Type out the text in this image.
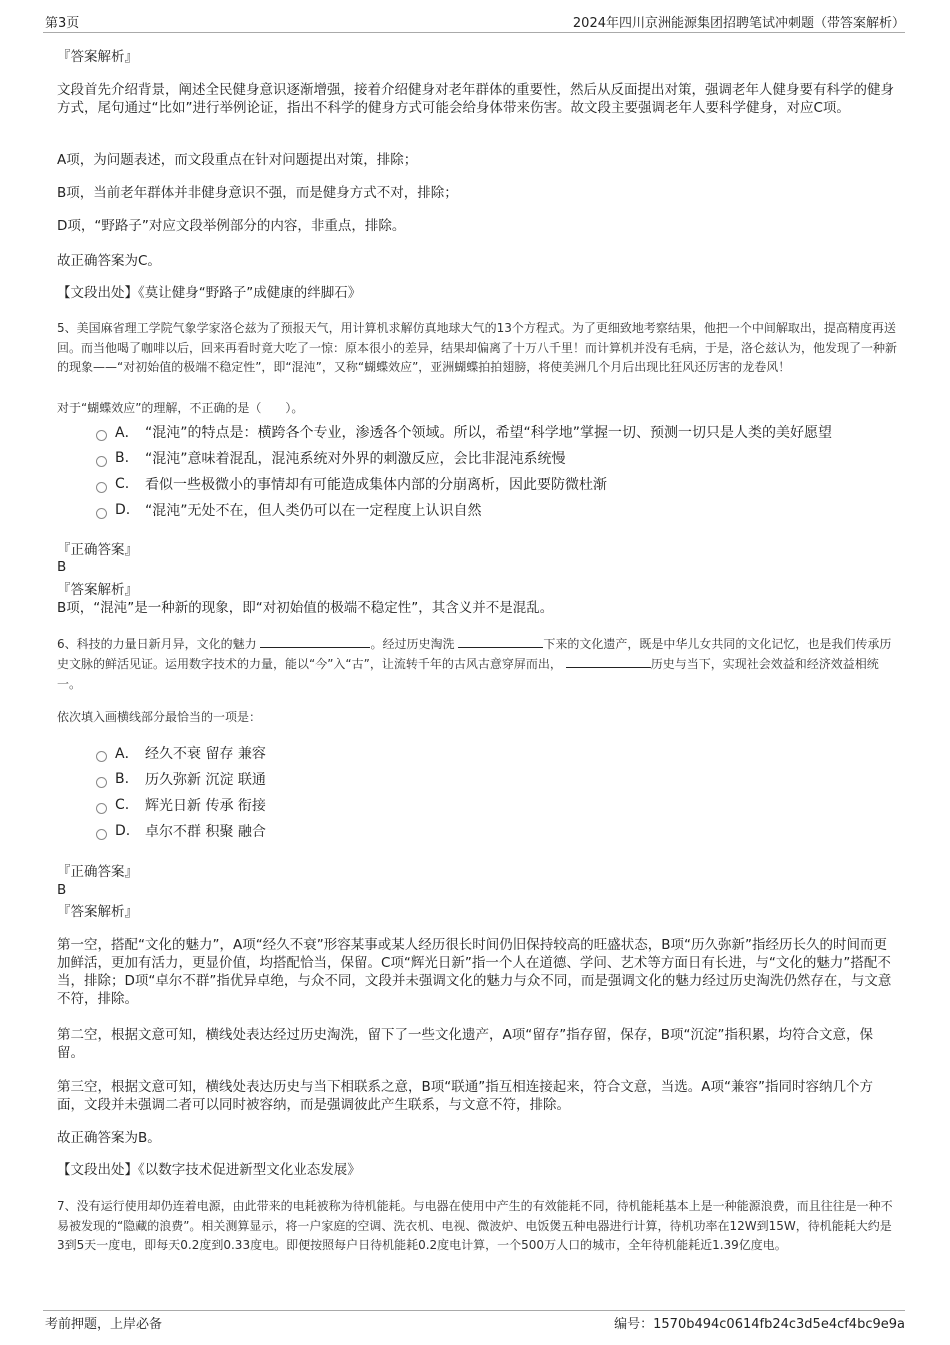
第3页	2024年四川京洲能源集团招聘笔试冲刺题（带答案解析）
『答案解析』
文段首先介绍背景，阐述全民健身意识逐渐增强，接着介绍健身对老年群体的重要性，然后从反面提出对策，强调老年人健身要有科学的健身方式，尾句通过“比如”进行举例论证，指出不科学的健身方式可能会给身体带来伤害。故文段主要强调老年人要科学健身，对应C项。
A项，为问题表述，而文段重点在针对问题提出对策，排除；
B项，当前老年群体并非健身意识不强，而是健身方式不对，排除；
D项，“野路子”对应文段举例部分的内容，非重点，排除。
故正确答案为C。
【文段出处】《莫让健身“野路子”成健康的绊脚石》
5、美国麻省理工学院气象学家洛仑兹为了预报天气，用计算机求解仿真地球大气的13个方程式。为了更细致地考察结果，他把一个中间解取出，提高精度再送回。而当他喝了咖啡以后，回来再看时竟大吃了一惊：原本很小的差异，结果却偏离了十万八千里！而计算机并没有毛病，于是，洛仑兹认为，他发现了一种新的现象——“对初始值的极端不稳定性”，即“混沌”，又称“蝴蝶效应”，亚洲蝴蝶拍拍翅膀，将使美洲几个月后出现比狂风还厉害的龙卷风！
对于“蝴蝶效应”的理解，不正确的是（　　）。
A． “混沌”的特点是：横跨各个专业，渗透各个领域。所以，希望“科学地”掌握一切、预测一切只是人类的美好愿望
B.	“混沌”意味着混乱，混沌系统对外界的刺激反应，会比非混沌系统慢
C.	看似一些极微小的事情却有可能造成集体内部的分崩离析，因此要防微杜渐
D.	“混沌”无处不在，但人类仍可以在一定程度上认识自然
『正确答案』
B
『答案解析』
B项，“混沌”是一种新的现象，即“对初始值的极端不稳定性”，其含义并不是混乱。
6、科技的力量日新月异，文化的魅力	。经过历史淘洗	下来的文化遗产，既是中华儿女共同的文化记忆，也是我们传承历史文脉的鲜活见证。运用数字技术的力量，能以“今”入“古”，让流转千年的古风古意穿屏而出，	历史与当下，实现社会效益和经济效益相统一。
依次填入画横线部分最恰当的一项是：
A． 经久不衰 留存 兼容
B.	历久弥新 沉淀 联通
C.	辉光日新 传承 衔接
D.	卓尔不群 积聚 融合
『正确答案』
B
『答案解析』
第一空，搭配“文化的魅力”，A项“经久不衰”形容某事或某人经历很长时间仍旧保持较高的旺盛状态，B项“历久弥新”指经历长久的时间而更加鲜活，更加有活力，更显价值，均搭配恰当，保留。C项“辉光日新”指一个人在道德、学问、艺术等方面日有长进，与“文化的魅力”搭配不当，排除；D项“卓尔不群”指优异卓绝，与众不同，文段并未强调文化的魅力与众不同，而是强调文化的魅力经过历史淘洗仍然存在，与文意不符，排除。
第二空，根据文意可知，横线处表达经过历史淘洗，留下了一些文化遗产，A项“留存”指存留，保存，B项“沉淀”指积累，均符合文意，保留。
第三空，根据文意可知，横线处表达历史与当下相联系之意，B项“联通”指互相连接起来，符合文意，当选。A项“兼容”指同时容纳几个方面，文段并未强调二者可以同时被容纳，而是强调彼此产生联系，与文意不符，排除。
故正确答案为B。
【文段出处】《以数字技术促进新型文化业态发展》
7、没有运行使用却仍连着电源，由此带来的电耗被称为待机能耗。与电器在使用中产生的有效能耗不同，待机能耗基本上是一种能源浪费，而且往往是一种不易被发现的“隐藏的浪费”。相关测算显示，将一户家庭的空调、洗衣机、电视、微波炉、电饭煲五种电器进行计算，待机功率在12W到15W，待机能耗大约是3到5天一度电，即每天0.2度到0.33度电。即便按照每户日待机能耗0.2度电计算，一个500万人口的城市，全年待机能耗近1.39亿度电。
考前押题，上岸必备	编号：1570b494c0614fb24c3d5e4cf4bc9e9a
